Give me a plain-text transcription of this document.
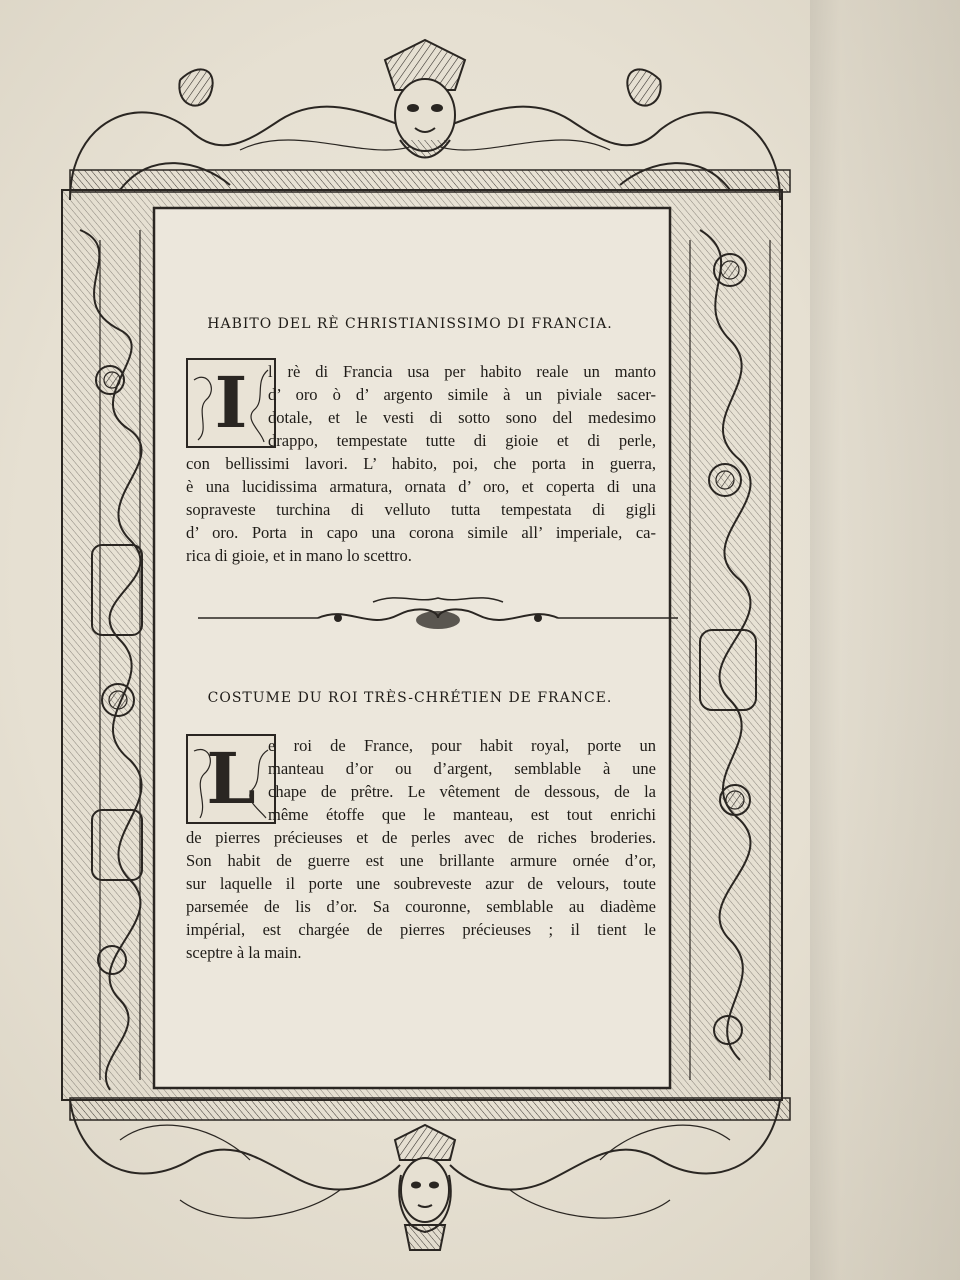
HABITO DEL RÈ CHRISTIANISSIMO DI FRANCIA.
I	l rè di Francia usa per habito reale un manto
d’ oro ò d’ argento simile à un piviale sacer-
dotale, et le vesti di sotto sono del medesimo
drappo, tempestate tutte di gioie et di perle,
con bellissimi lavori. L’ habito, poi, che porta in guerra,
è una lucidissima armatura, ornata d’ oro, et coperta di una
sopraveste turchina di velluto tutta tempestata di gigli
d’ oro. Porta in capo una corona simile all’ imperiale, ca-
rica di gioie, et in mano lo scettro.
COSTUME DU ROI TRÈS-CHRÉTIEN DE FRANCE.
L e roi de France, pour habit royal, porte un
manteau d’or ou d’argent, semblable à une
chape de prêtre. Le vêtement de dessous, de la
même étoffe que le manteau, est tout enrichi
de pierres précieuses et de perles avec de riches broderies.
Son habit de guerre est une brillante armure ornée d’or,
sur laquelle il porte une soubreveste azur de velours, toute
parsemée de lis d’or. Sa couronne, semblable au diadème
impérial, est chargée de pierres précieuses ; il tient le
sceptre à la main.
